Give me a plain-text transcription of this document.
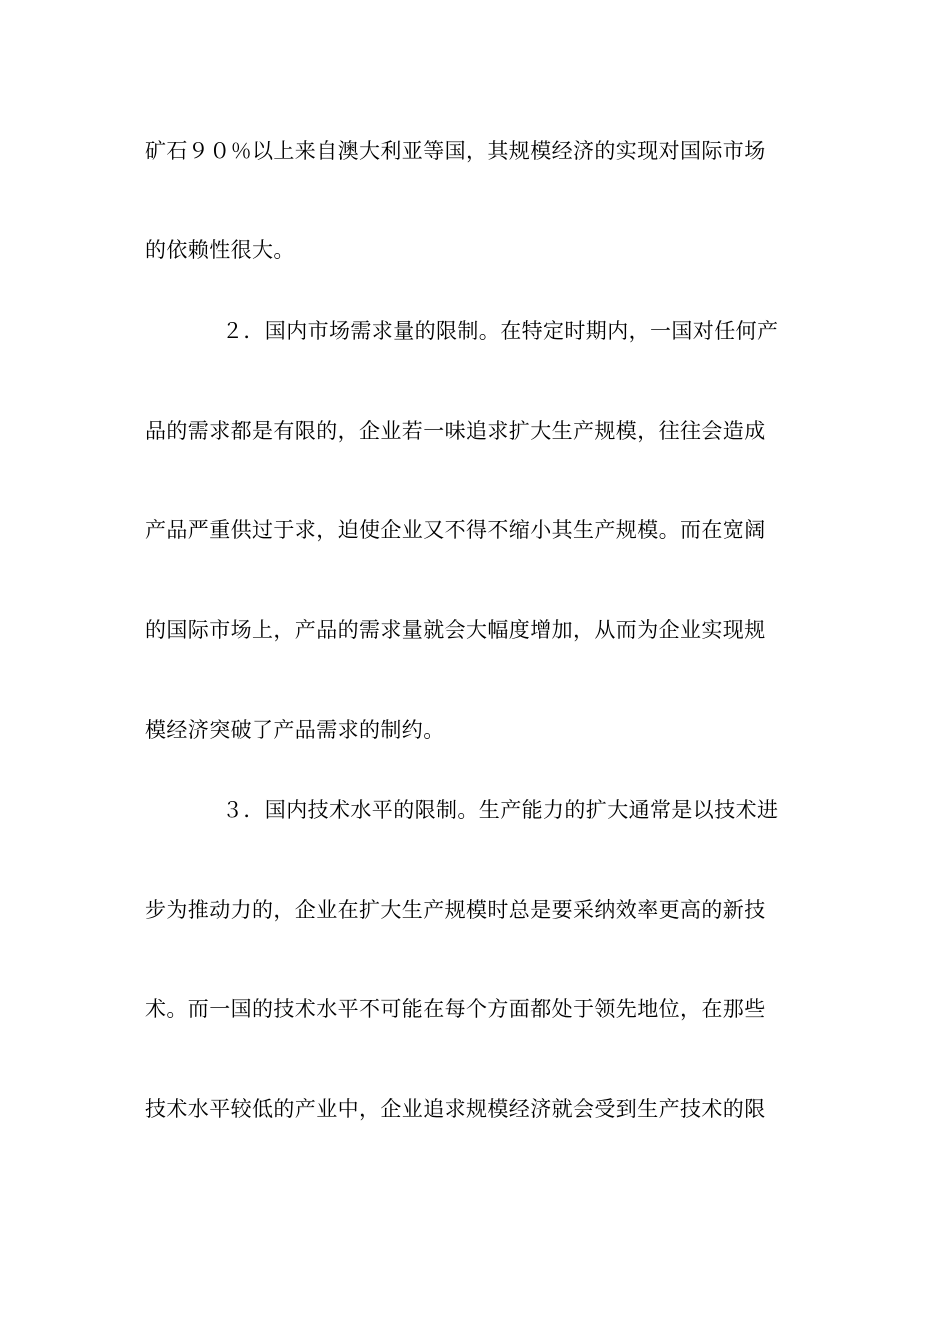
矿石９０％以上来自澳大利亚等国，其规模经济的实现对国际市场
的依赖性很大。
２．国内市场需求量的限制。在特定时期内，一国对任何产
品的需求都是有限的，企业若一味追求扩大生产规模，往往会造成
产品严重供过于求，迫使企业又不得不缩小其生产规模。而在宽阔
的国际市场上，产品的需求量就会大幅度增加，从而为企业实现规
模经济突破了产品需求的制约。
３．国内技术水平的限制。生产能力的扩大通常是以技术进
步为推动力的，企业在扩大生产规模时总是要采纳效率更高的新技
术。而一国的技术水平不可能在每个方面都处于领先地位，在那些
技术水平较低的产业中，企业追求规模经济就会受到生产技术的限
